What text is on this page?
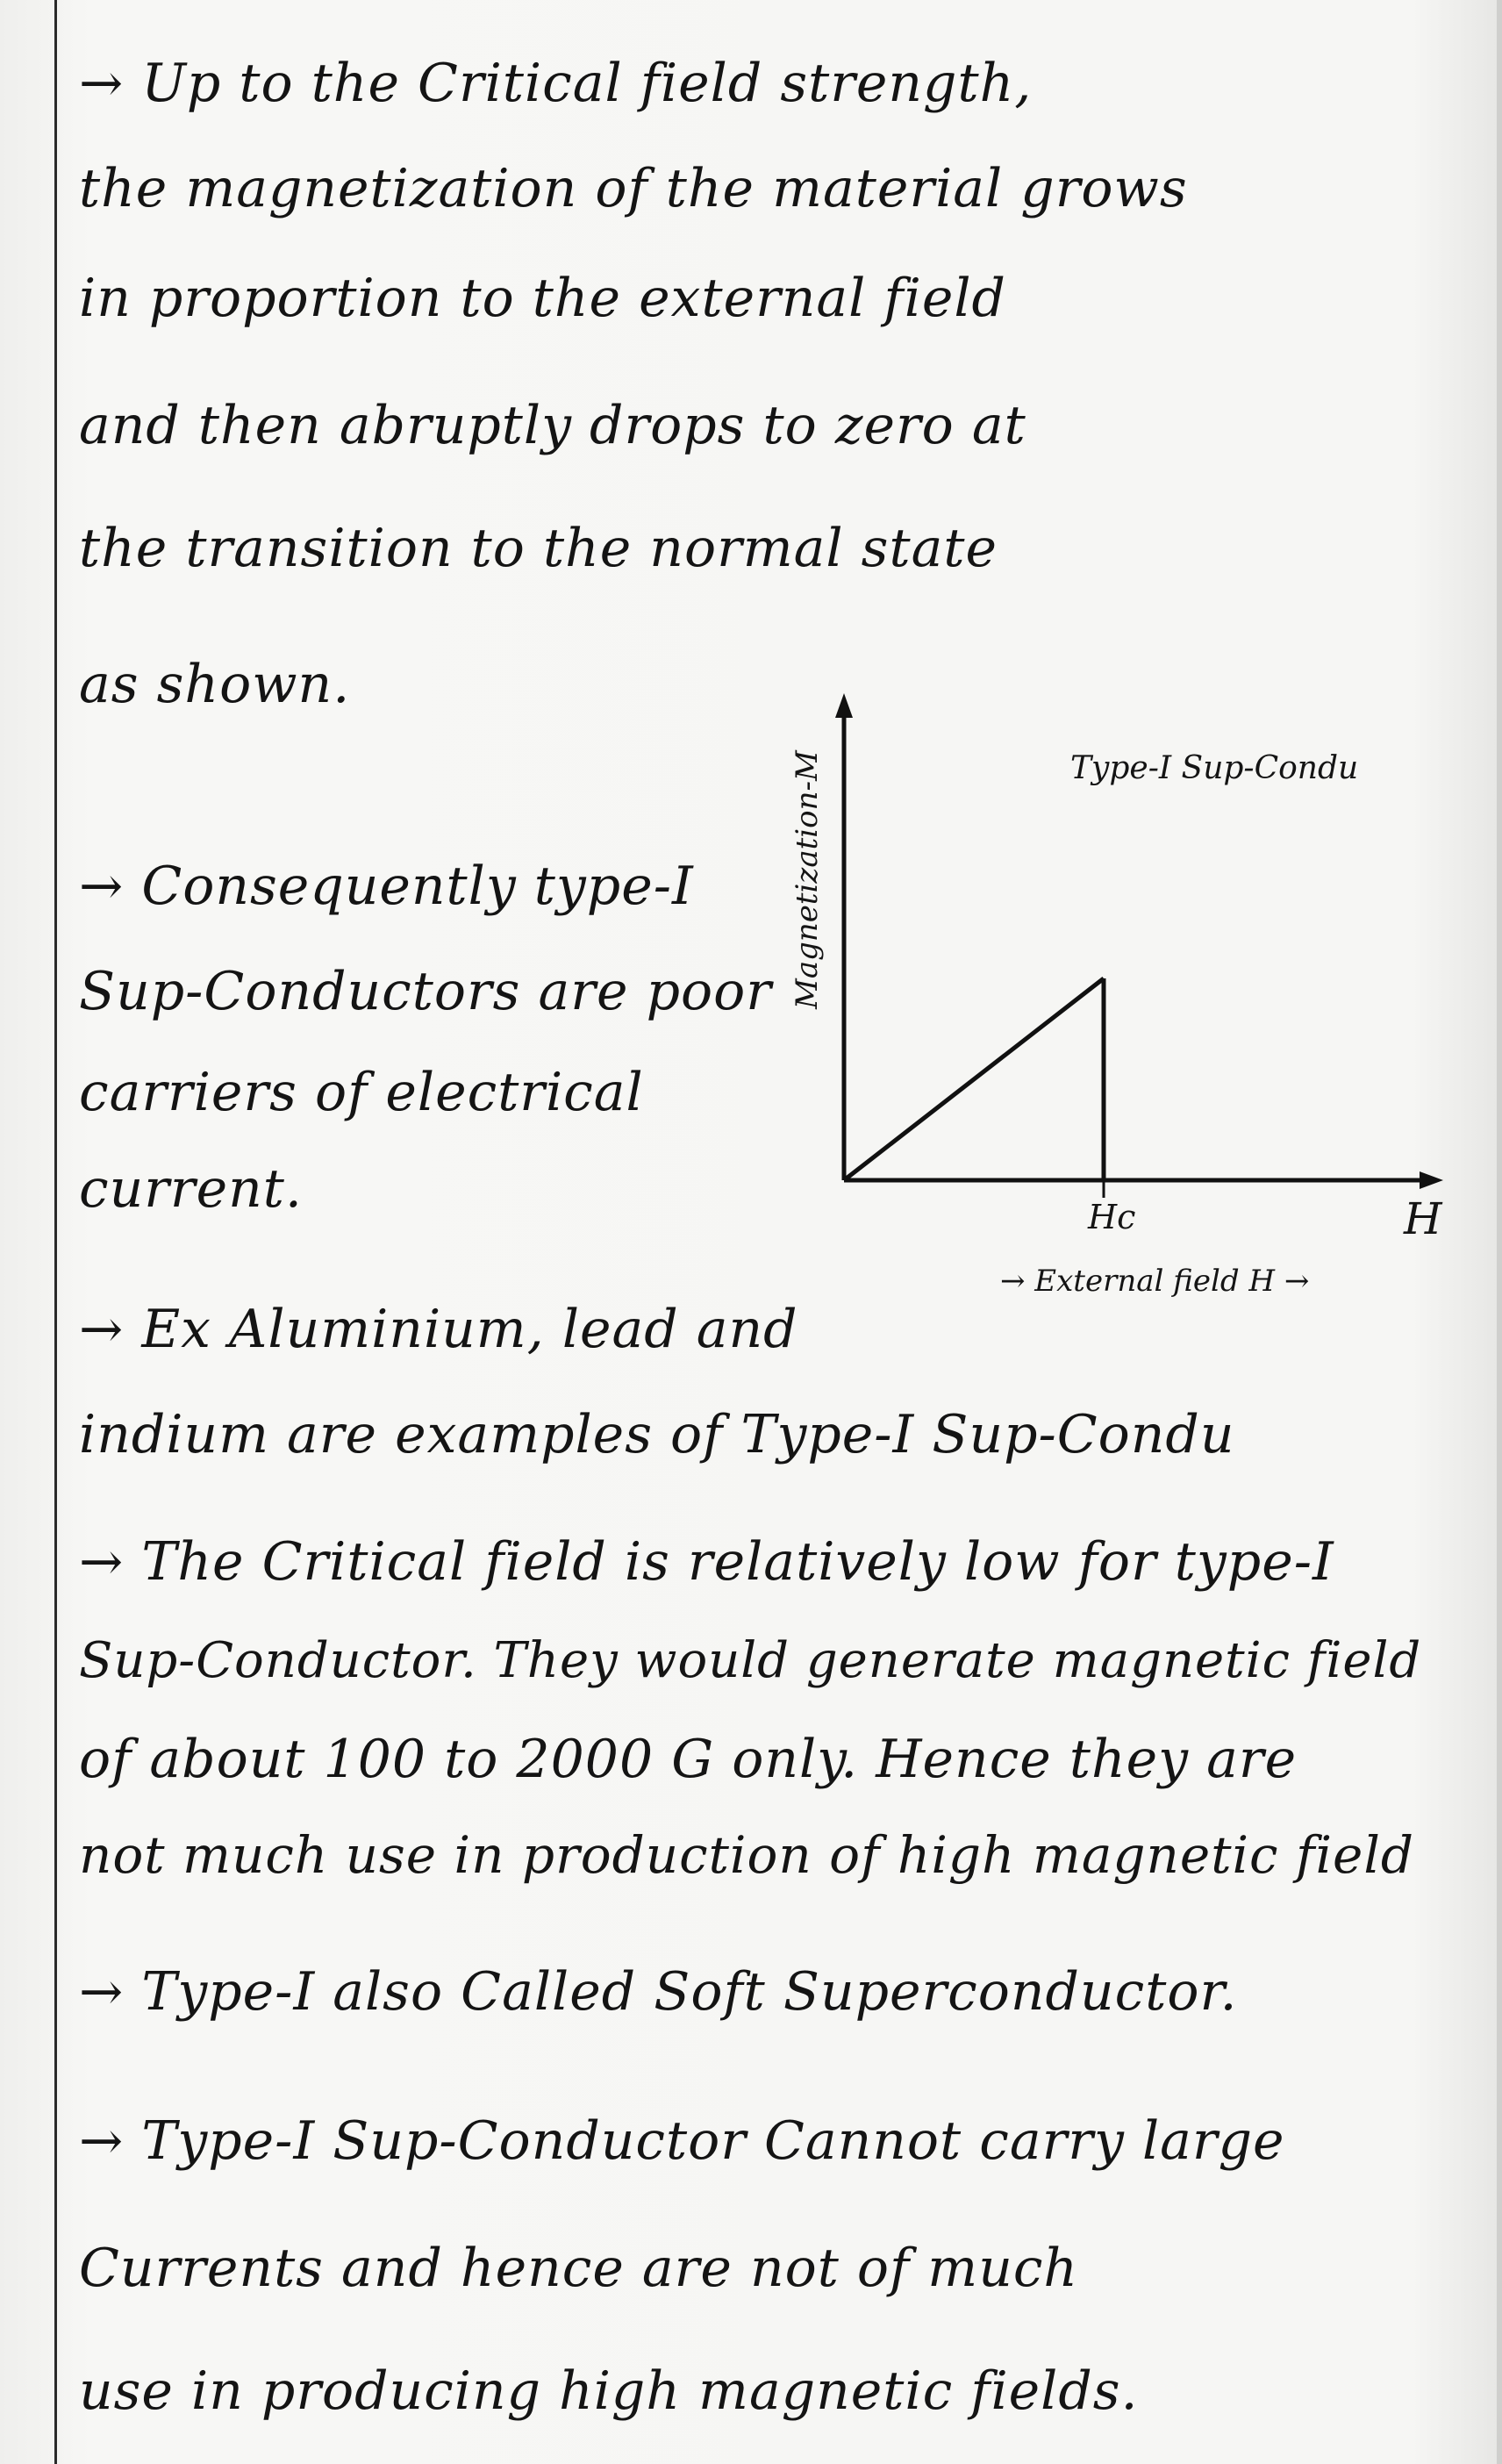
→ Up to the Critical field strength,
the magnetization of the material grows
in proportion to the external field
and then abruptly drops to zero at
the transition to the normal state
as shown.
→ Consequently type-I
Sup-Conductors are poor
carriers of electrical
current.
Magnetization-M	Type-I Sup-Condu
Hc	H
→ External field H →
→ Ex Aluminium, lead and
indium are examples of Type-I Sup-Condu
→ The Critical field is relatively low for type-I
Sup-Conductor. They would generate magnetic field
of about 100 to 2000 G only. Hence they are
not much use in production of high magnetic field
→ Type-I also Called Soft Superconductor.
→ Type-I Sup-Conductor Cannot carry large
Currents and hence are not of much
use in producing high magnetic fields.
